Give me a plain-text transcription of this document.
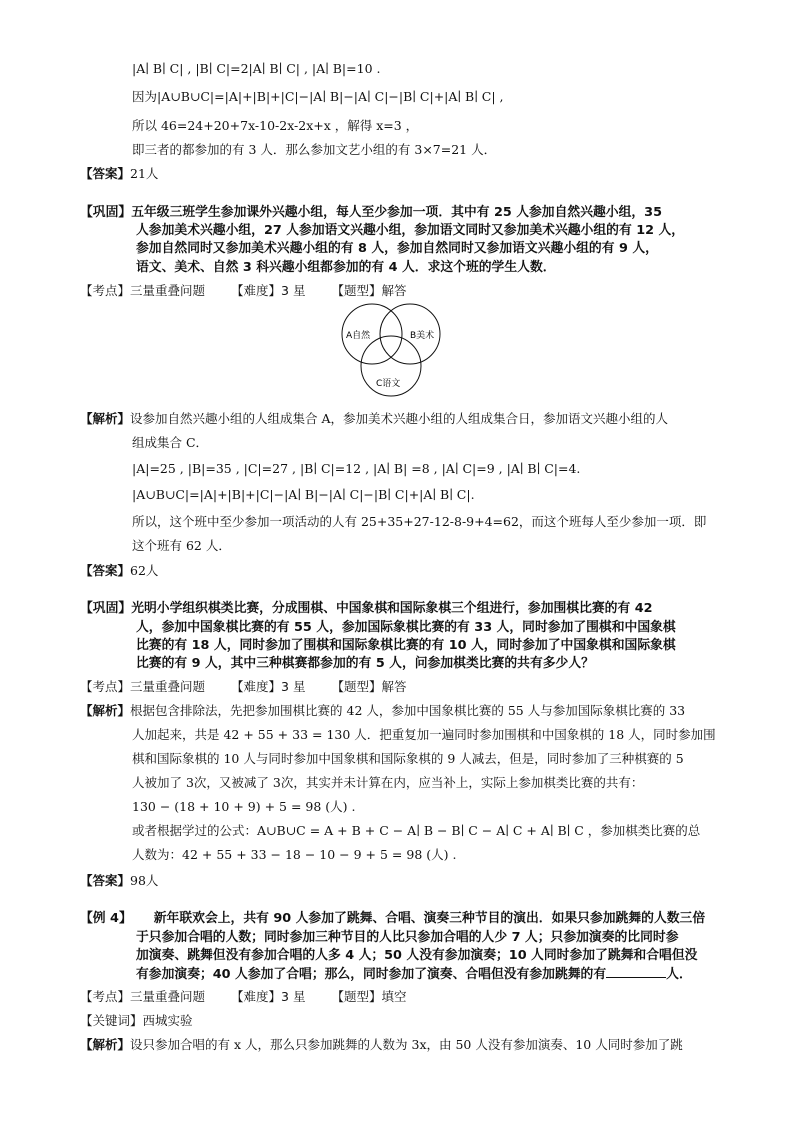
|A∣ B∣ C| , |B∣ C|=2|A∣ B∣ C| , |A∣ B|=10 .
因为|A∪B∪C|=|A|+|B|+|C|−|A∣ B|−|A∣ C|−|B∣ C|+|A∣ B∣ C| ,
所以 46=24+20+7x-10-2x-2x+x ，解得 x=3 ，
即三者的都参加的有 3 人．那么参加文艺小组的有 3×7=21 人．
【答案】21人
【巩固】五年级三班学生参加课外兴趣小组，每人至少参加一项．其中有 25 人参加自然兴趣小组，35
人参加美术兴趣小组，27 人参加语文兴趣小组，参加语文同时又参加美术兴趣小组的有 12 人，
参加自然同时又参加美术兴趣小组的有 8 人，参加自然同时又参加语文兴趣小组的有 9 人，
语文、美术、自然 3 科兴趣小组都参加的有 4 人．求这个班的学生人数．
【考点】三量重叠问题 【难度】3 星 【题型】解答
A自然	B美术
C语文
【解析】设参加自然兴趣小组的人组成集合 A，参加美术兴趣小组的人组成集合日，参加语文兴趣小组的人
组成集合 C．
|A|=25 , |B|=35 , |C|=27 , |B∣ C|=12 , |A∣ B| =8 , |A∣ C|=9 , |A∣ B∣ C|=4.
|A∪B∪C|=|A|+|B|+|C|−|A∣ B|−|A∣ C|−|B∣ C|+|A∣ B∣ C|.
所以，这个班中至少参加一项活动的人有 25+35+27-12-8-9+4=62，而这个班每人至少参加一项．即
这个班有 62 人．
【答案】62人
【巩固】光明小学组织棋类比赛，分成围棋、中国象棋和国际象棋三个组进行，参加围棋比赛的有 42
人，参加中国象棋比赛的有 55 人，参加国际象棋比赛的有 33 人，同时参加了围棋和中国象棋
比赛的有 18 人，同时参加了围棋和国际象棋比赛的有 10 人，同时参加了中国象棋和国际象棋
比赛的有 9 人，其中三种棋赛都参加的有 5 人，问参加棋类比赛的共有多少人？
【考点】三量重叠问题 【难度】3 星 【题型】解答
【解析】根据包含排除法，先把参加围棋比赛的 42 人，参加中国象棋比赛的 55 人与参加国际象棋比赛的 33
人加起来，共是 42 + 55 + 33 = 130 人．把重复加一遍同时参加围棋和中国象棋的 18 人，同时参加围
棋和国际象棋的 10 人与同时参加中国象棋和国际象棋的 9 人减去，但是，同时参加了三种棋赛的 5
人被加了 3次，又被减了 3次，其实并未计算在内，应当补上，实际上参加棋类比赛的共有：
130 − (18 + 10 + 9) + 5 = 98 (人) .
或者根据学过的公式：A∪B∪C = A + B + C − A∣ B − B∣ C − A∣ C + A∣ B∣ C ，参加棋类比赛的总
人数为：42 + 55 + 33 − 18 − 10 − 9 + 5 = 98 (人) .
【答案】98人
【例 4】 新年联欢会上，共有 90 人参加了跳舞、合唱、演奏三种节目的演出．如果只参加跳舞的人数三倍
于只参加合唱的人数；同时参加三种节目的人比只参加合唱的人少 7 人；只参加演奏的比同时参
加演奏、跳舞但没有参加合唱的人多 4 人；50 人没有参加演奏；10 人同时参加了跳舞和合唱但没
有参加演奏；40 人参加了合唱；那么，同时参加了演奏、合唱但没有参加跳舞的有	人．
【考点】三量重叠问题 【难度】3 星 【题型】填空
【关键词】西城实验
【解析】设只参加合唱的有 x 人，那么只参加跳舞的人数为 3x，由 50 人没有参加演奏、10 人同时参加了跳
